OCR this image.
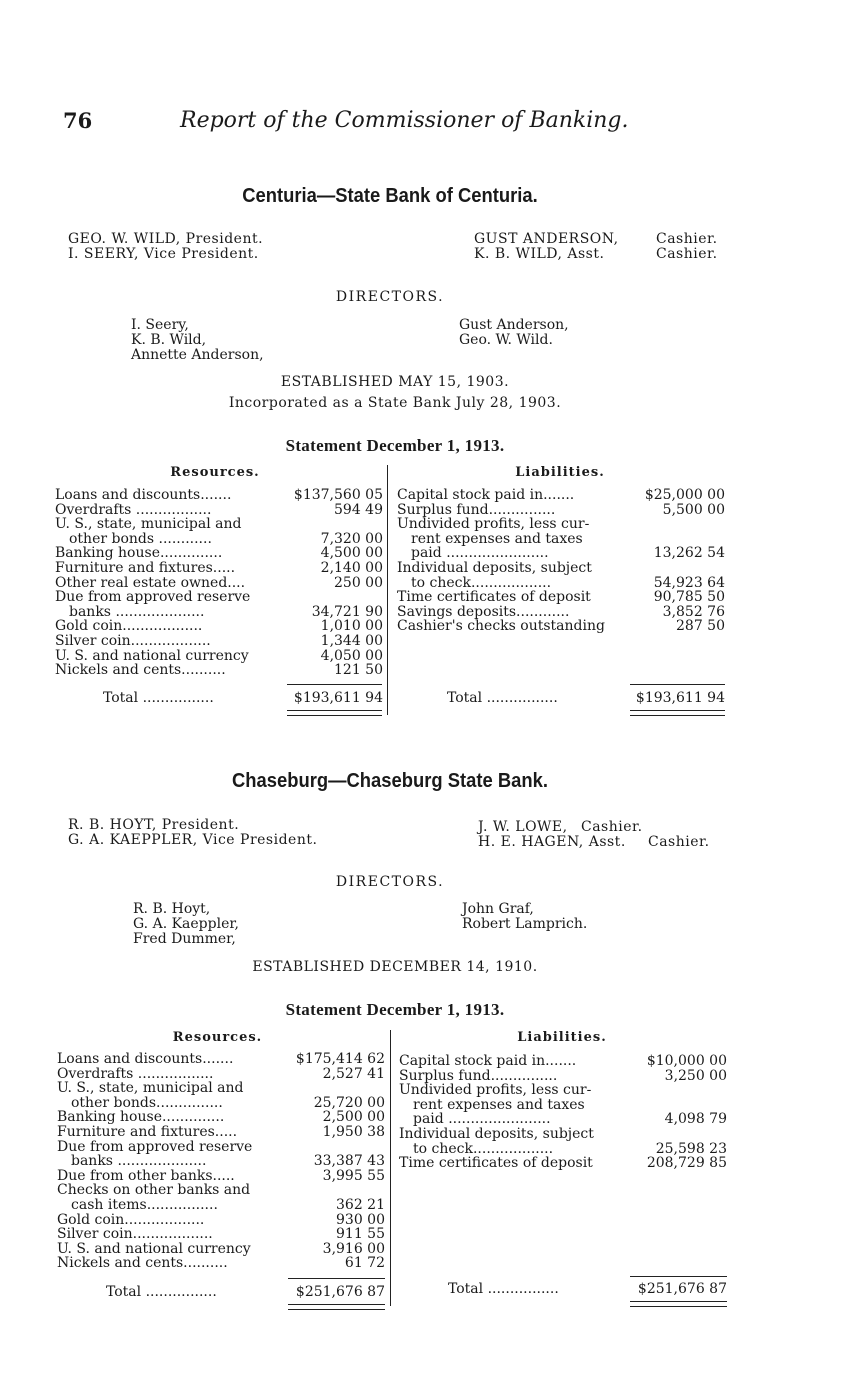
76	Report of the Commissioner of Banking.
Centuria—State Bank of Centuria.
GEO. W. WILD, President.
I. SEERY, Vice President.
GUST ANDERSON,	Cashier.
K. B. WILD, Asst.	Cashier.
DIRECTORS.
I. Seery,
K. B. Wild,
Annette Anderson,
Gust Anderson,
Geo. W. Wild.
ESTABLISHED MAY 15, 1903.
Incorporated as a State Bank July 28, 1903.
Statement December 1, 1913.
Resources.	Liabilities.
Loans and discounts.......	$137,560 05
Overdrafts .................	594 49
U. S., state, municipal and
other bonds ............	7,320 00
Banking house..............	4,500 00
Furniture and fixtures.....	2,140 00
Other real estate owned....	250 00
Due from approved reserve
banks ....................	34,721 90
Gold coin..................	1,010 00
Silver coin..................	1,344 00
U. S. and national currency	4,050 00
Nickels and cents..........	121 50
Capital stock paid in.......	$25,000 00
Surplus fund...............	5,500 00
Undivided profits, less cur-
rent expenses and taxes
paid .......................	13,262 54
Individual deposits, subject
to check..................	54,923 64
Time certificates of deposit	90,785 50
Savings deposits............	3,852 76
Cashier's checks outstanding	287 50
Total ................	$193,611 94	Total ................	$193,611 94
Chaseburg—Chaseburg State Bank.
R. B. HOYT, President.
G. A. KAEPPLER, Vice President.
J. W. LOWE, Cashier.
H. E. HAGEN, Asst.	Cashier.
DIRECTORS.
R. B. Hoyt,
G. A. Kaeppler,
Fred Dummer,
John Graf,
Robert Lamprich.
ESTABLISHED DECEMBER 14, 1910.
Statement December 1, 1913.
Resources.	Liabilities.
Loans and discounts.......	$175,414 62
Overdrafts .................	2,527 41
U. S., state, municipal and
other bonds...............	25,720 00
Banking house..............	2,500 00
Furniture and fixtures.....	1,950 38
Due from approved reserve
banks ....................	33,387 43
Due from other banks.....	3,995 55
Checks on other banks and
cash items................	362 21
Gold coin..................	930 00
Silver coin..................	911 55
U. S. and national currency	3,916 00
Nickels and cents..........	61 72
Capital stock paid in.......	$10,000 00
Surplus fund...............	3,250 00
Undivided profits, less cur-
rent expenses and taxes
paid .......................	4,098 79
Individual deposits, subject
to check..................	25,598 23
Time certificates of deposit	208,729 85
Total ................	$251,676 87	Total ................	$251,676 87
